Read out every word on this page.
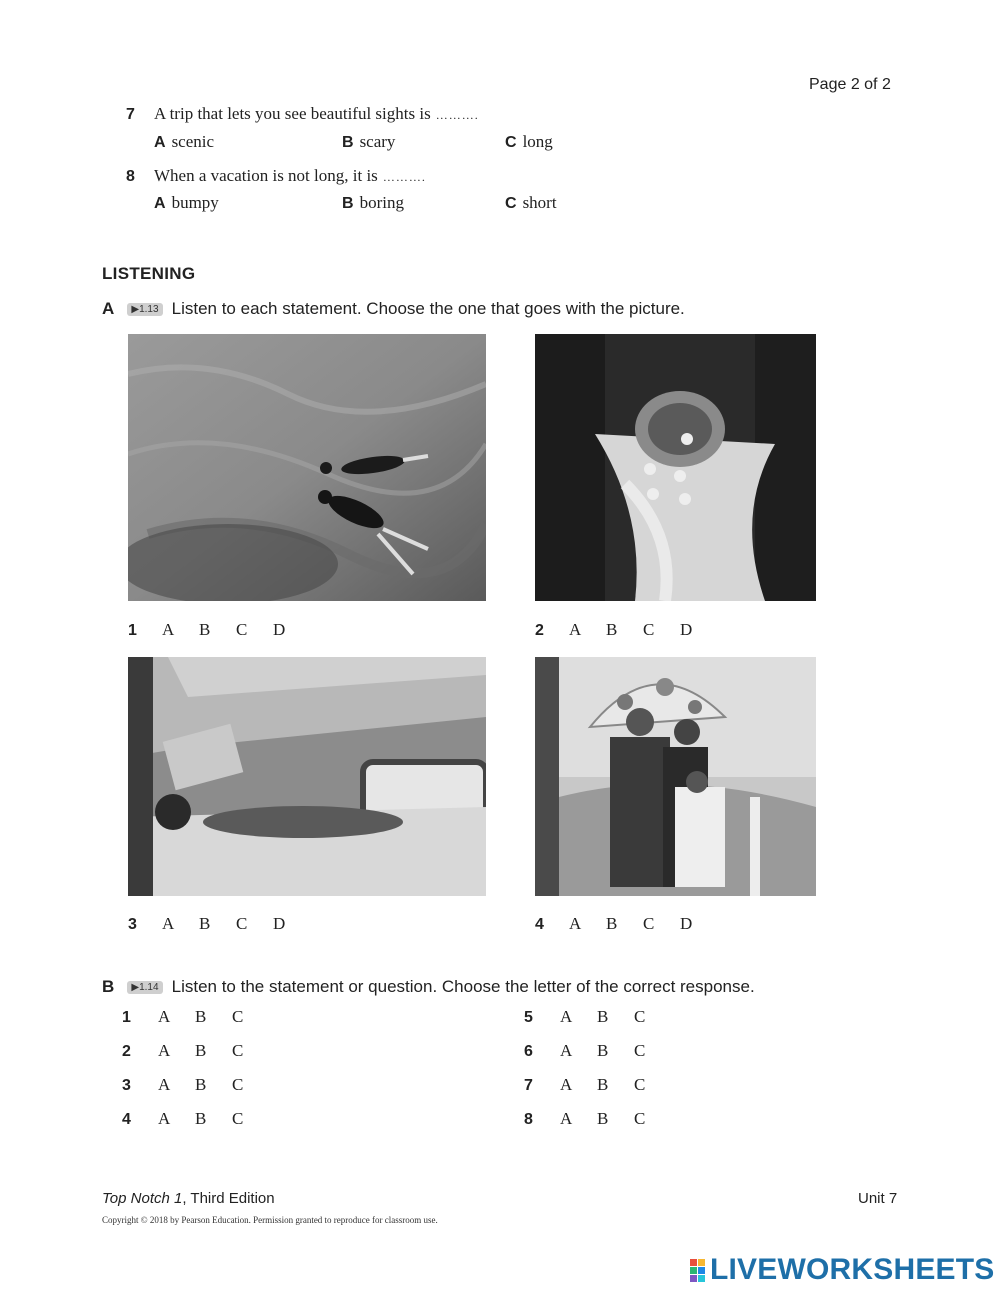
Page 2 of 2
7 A trip that lets you see beautiful sights is ……….
A scenic	B scary	C long
8 When a vacation is not long, it is ……….
A bumpy	B boring	C short
LISTENING
A ▶1.13 Listen to each statement. Choose the one that goes with the picture.
1 A B C D	2 A B C D
3 A B C D	4 A B C D
B ▶1.14 Listen to the statement or question. Choose the letter of the correct response.
1 A B C
2 A B C
3 A B C
4 A B C
5 A B C
6 A B C
7 A B C
8 A B C
Top Notch 1, Third Edition	Unit 7
Copyright © 2018 by Pearson Education. Permission granted to reproduce for classroom use.
LIVEWORKSHEETS
